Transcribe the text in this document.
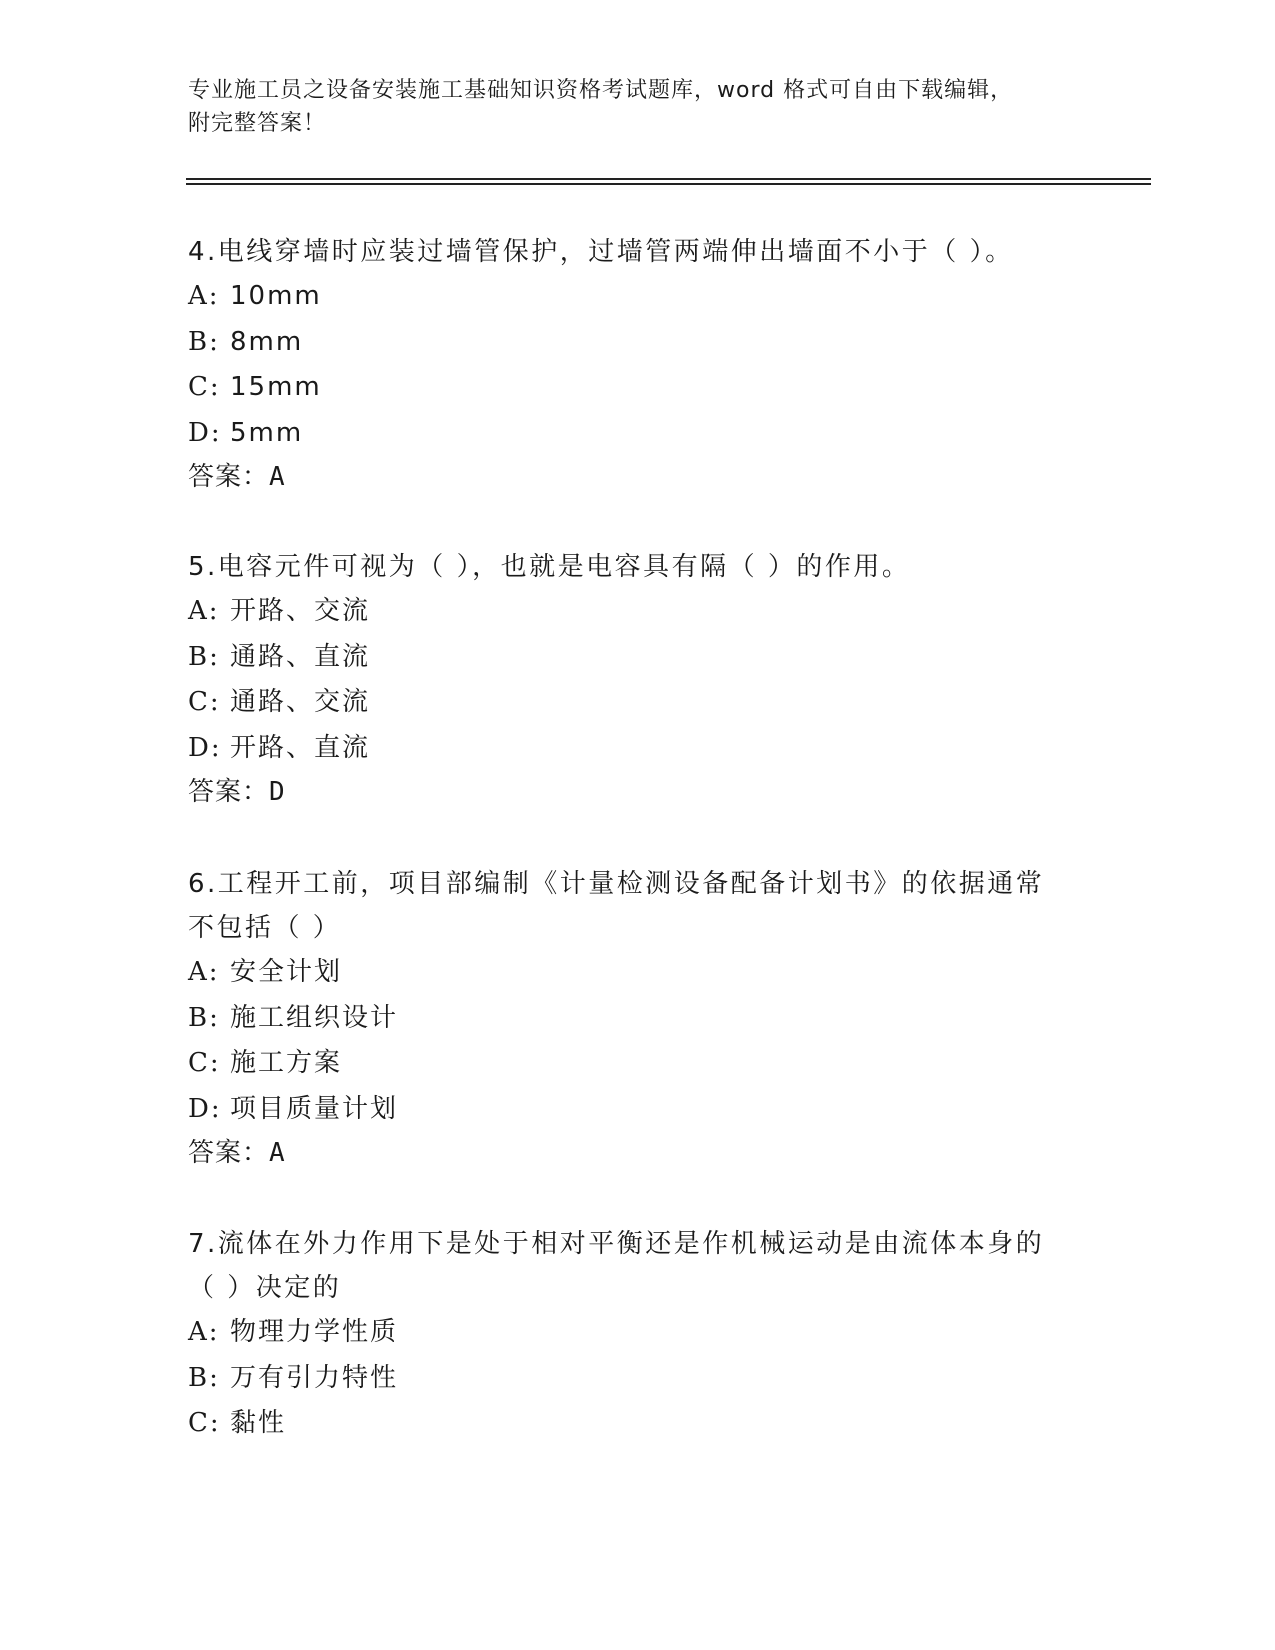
专业施工员之设备安装施工基础知识资格考试题库，word 格式可自由下载编辑，
附完整答案！
4.电线穿墙时应装过墙管保护，过墙管两端伸出墙面不小于（ ）。
A: 10mm
B: 8mm
C: 15mm
D: 5mm
答案：A
5.电容元件可视为（ ），也就是电容具有隔（ ）的作用。
A: 开路、交流
B: 通路、直流
C: 通路、交流
D: 开路、直流
答案：D
6.工程开工前，项目部编制《计量检测设备配备计划书》的依据通常不包括（ ）
A: 安全计划
B: 施工组织设计
C: 施工方案
D: 项目质量计划
答案：A
7.流体在外力作用下是处于相对平衡还是作机械运动是由流体本身的（ ）决定的
A: 物理力学性质
B: 万有引力特性
C: 黏性
